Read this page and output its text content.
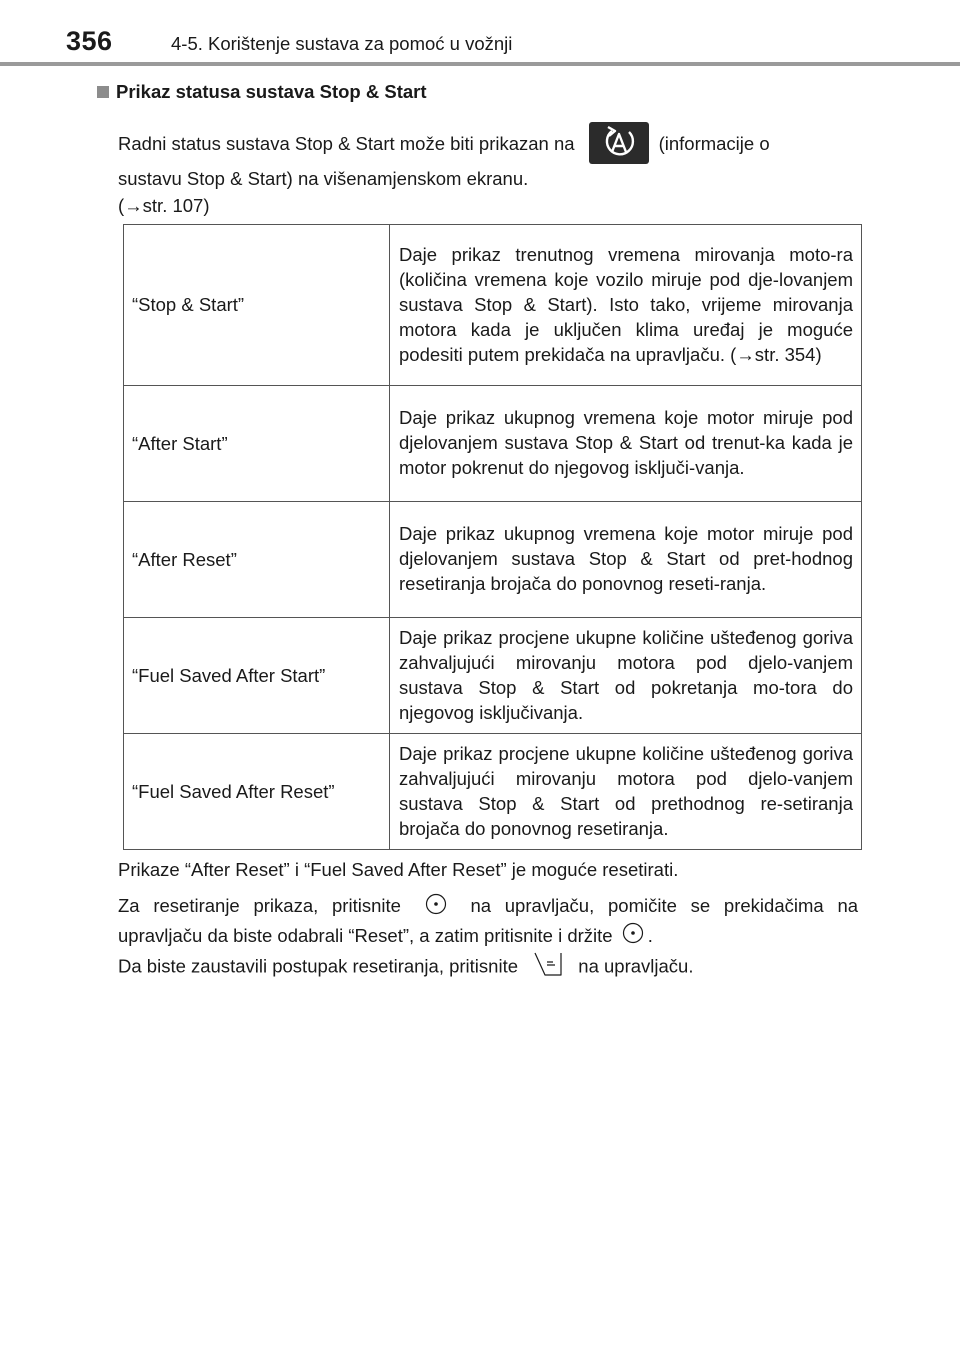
356	4-5. Korištenje sustava za pomoć u vožnji
Prikaz statusa sustava Stop & Start
Radni status sustava Stop & Start može biti prikazan na	(informacije o
sustavu Stop & Start) na višenamjenskom ekranu.
(→str. 107)
“Stop & Start”	Daje prikaz trenutnog vremena mirovanja moto-ra (količina vremena koje vozilo miruje pod dje-lovanjem sustava Stop & Start). Isto tako, vrijeme mirovanja motora kada je uključen klima uređaj je moguće podesiti putem prekidača na upravljaču. (→str. 354)
“After Start”	Daje prikaz ukupnog vremena koje motor miruje pod djelovanjem sustava Stop & Start od trenut-ka kada je motor pokrenut do njegovog isključi-vanja.
“After Reset”	Daje prikaz ukupnog vremena koje motor miruje pod djelovanjem sustava Stop & Start od pret-hodnog resetiranja brojača do ponovnog reseti-ranja.
“Fuel Saved After Start”	Daje prikaz procjene ukupne količine uštеđenog goriva zahvaljujući mirovanju motora pod djelo-vanjem sustava Stop & Start od pokretanja mo-tora do njegovog isključivanja.
“Fuel Saved After Reset”	Daje prikaz procjene ukupne količine uštеđenog goriva zahvaljujući mirovanju motora pod djelo-vanjem sustava Stop & Start od prethodnog re-setiranja brojača do ponovnog resetiranja.
Prikaze “After Reset” i “Fuel Saved After Reset” je moguće resetirati.
Za resetiranje prikaza, pritisnite	na upravljaču, pomičite se prekidačima na upravljaču da biste odabrali “Reset”, a zatim pritisnite i držite .
Da biste zaustavili postupak resetiranja, pritisnite	na upravljaču.
